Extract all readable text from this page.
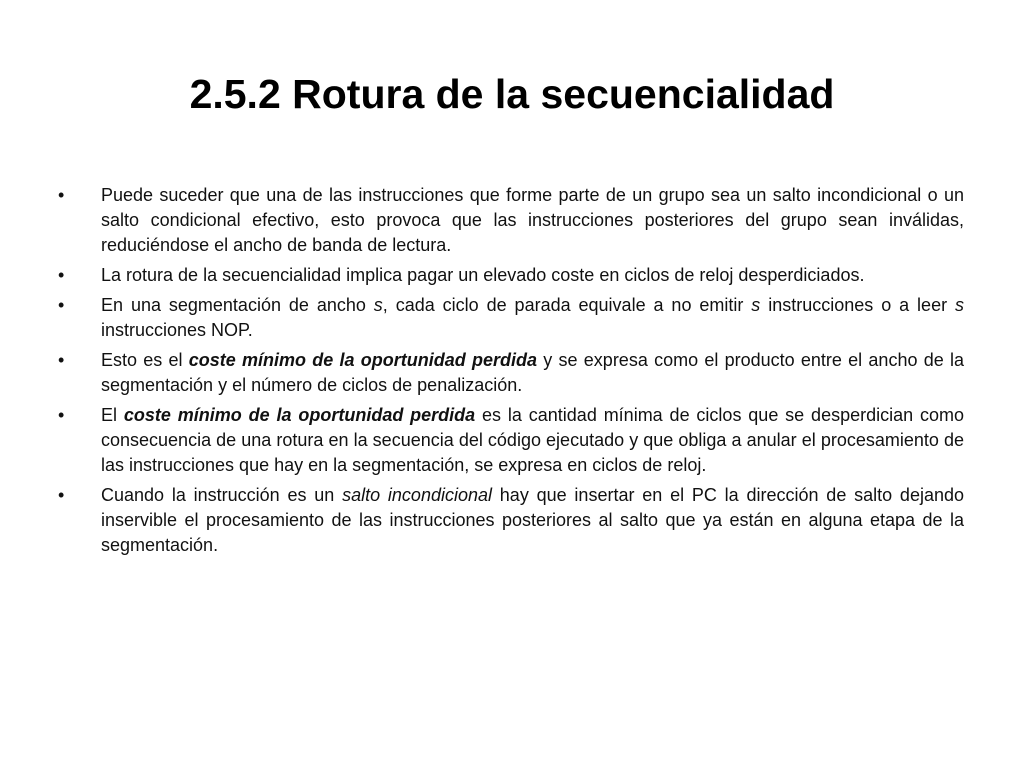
2.5.2 Rotura de la secuencialidad
•	Puede suceder que una de las instrucciones que forme parte de un grupo sea un salto incondicional o un salto condicional efectivo, esto provoca que las instrucciones posteriores del grupo sean inválidas, reduciéndose el ancho de banda de lectura.
•	La rotura de la secuencialidad implica pagar un elevado coste en ciclos de reloj desperdiciados.
•	En una segmentación de ancho s, cada ciclo de parada equivale a no emitir s instrucciones o a leer s instrucciones NOP.
•	Esto es el coste mínimo de la oportunidad perdida y se expresa como el producto entre el ancho de la segmentación y el número de ciclos de penalización.
•	El coste mínimo de la oportunidad perdida es la cantidad mínima de ciclos que se desperdician como consecuencia de una rotura en la secuencia del código ejecutado y que obliga a anular el procesamiento de las instrucciones que hay en la segmentación, se expresa en ciclos de reloj.
•	Cuando la instrucción es un salto incondicional hay que insertar en el PC la dirección de salto dejando inservible el procesamiento de las instrucciones posteriores al salto que ya están en alguna etapa de la segmentación.
